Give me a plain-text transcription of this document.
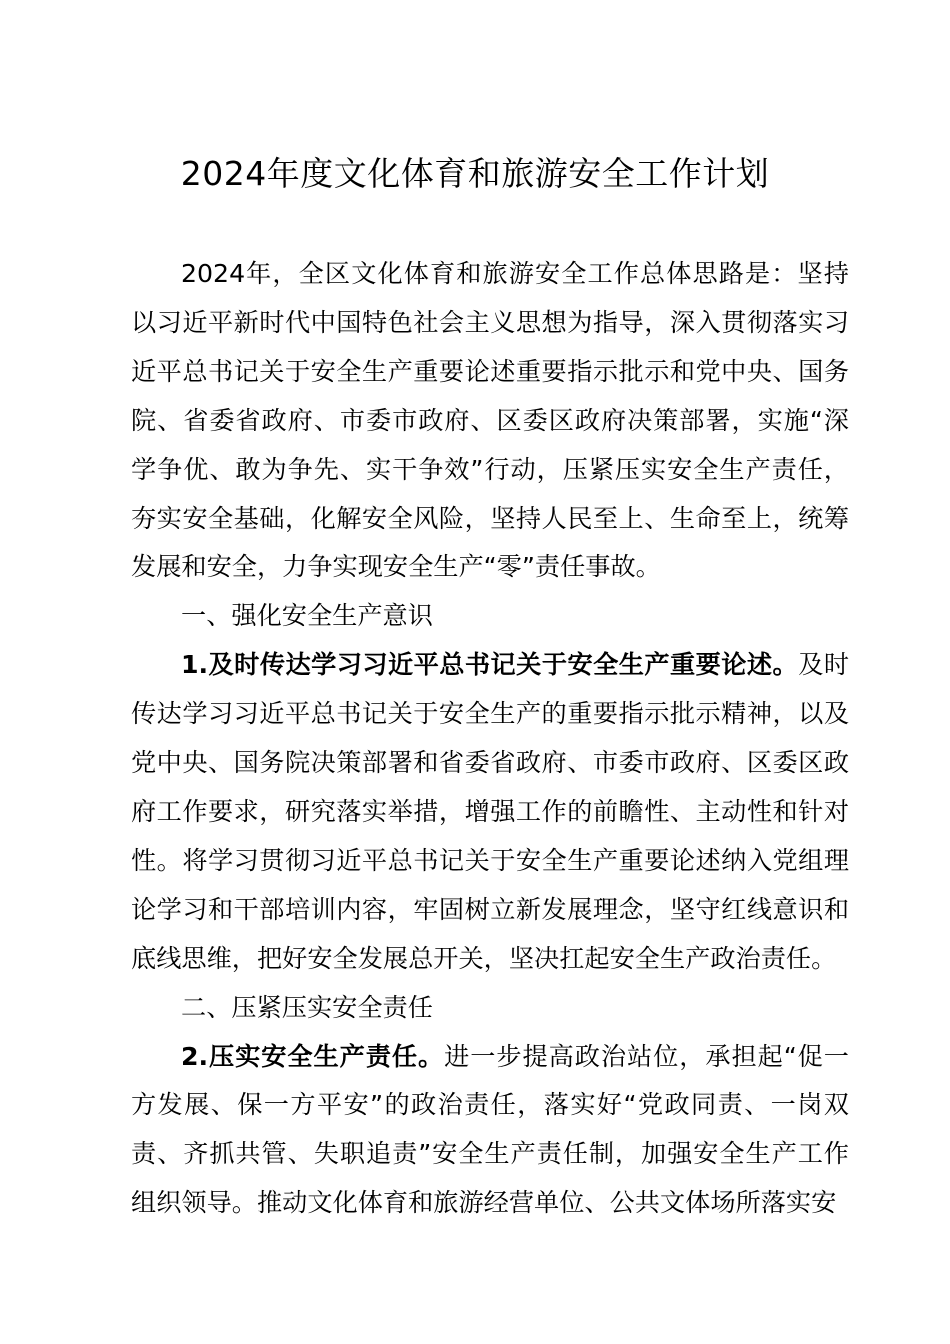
2024年度文化体育和旅游安全工作计划

2024年，全区文化体育和旅游安全工作总体思路是：坚持以习近平新时代中国特色社会主义思想为指导，深入贯彻落实习近平总书记关于安全生产重要论述重要指示批示和党中央、国务院、省委省政府、市委市政府、区委区政府决策部署，实施“深学争优、敢为争先、实干争效”行动，压紧压实安全生产责任，夯实安全基础，化解安全风险，坚持人民至上、生命至上，统筹发展和安全，力争实现安全生产“零”责任事故。

一、强化安全生产意识

1.及时传达学习习近平总书记关于安全生产重要论述。及时传达学习习近平总书记关于安全生产的重要指示批示精神，以及党中央、国务院决策部署和省委省政府、市委市政府、区委区政府工作要求，研究落实举措，增强工作的前瞻性、主动性和针对性。将学习贯彻习近平总书记关于安全生产重要论述纳入党组理论学习和干部培训内容，牢固树立新发展理念，坚守红线意识和底线思维，把好安全发展总开关，坚决扛起安全生产政治责任。

二、压紧压实安全责任

2.压实安全生产责任。进一步提高政治站位，承担起“促一方发展、保一方平安”的政治责任，落实好“党政同责、一岗双责、齐抓共管、失职追责”安全生产责任制，加强安全生产工作组织领导。推动文化体育和旅游经营单位、公共文体场所落实安
